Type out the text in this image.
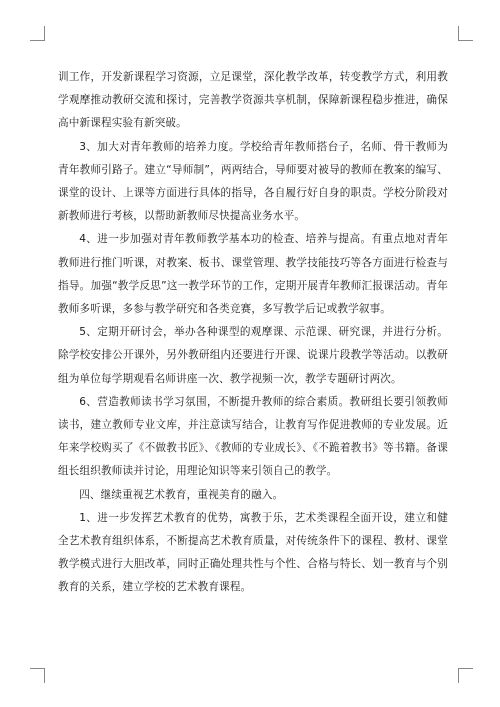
训工作，开发新课程学习资源，立足课堂，深化教学改革，转变教学方式，利用教学观摩推动教研交流和探讨，完善教学资源共享机制，保障新课程稳步推进，确保高中新课程实验有新突破。

3、加大对青年教师的培养力度。学校给青年教师搭台子，名师、骨干教师为青年教师引路子。建立“导师制”，两两结合，导师要对被导的教师在教案的编写、课堂的设计、上课等方面进行具体的指导，各自履行好自身的职责。学校分阶段对新教师进行考核，以帮助新教师尽快提高业务水平。

4、进一步加强对青年教师教学基本功的检查、培养与提高。有重点地对青年教师进行推门听课，对教案、板书、课堂管理、教学技能技巧等各方面进行检查与指导。加强“教学反思”这一教学环节的工作，定期开展青年教师汇报课活动。青年教师多听课，多参与教学研究和各类竞赛，多写教学后记或教学叙事。

5、定期开研讨会，举办各种课型的观摩课、示范课、研究课，并进行分析。除学校安排公开课外，另外教研组内还要进行开课、说课片段教学等活动。以教研组为单位每学期观看名师讲座一次、教学视频一次，教学专题研讨两次。

6、营造教师读书学习氛围，不断提升教师的综合素质。教研组长要引领教师读书，建立教师专业文库，并注意读写结合，让教育写作促进教师的专业发展。近年来学校购买了《不做教书匠》、《教师的专业成长》、《不跪着教书》等书籍。备课组长组织教师读并讨论，用理论知识等来引领自己的教学。

四、继续重视艺术教育，重视美育的融入。

1、进一步发挥艺术教育的优势，寓教于乐，艺术类课程全面开设，建立和健全艺术教育组织体系，不断提高艺术教育质量，对传统条件下的课程、教材、课堂教学模式进行大胆改革，同时正确处理共性与个性、合格与特长、划一教育与个别教育的关系，建立学校的艺术教育课程。
